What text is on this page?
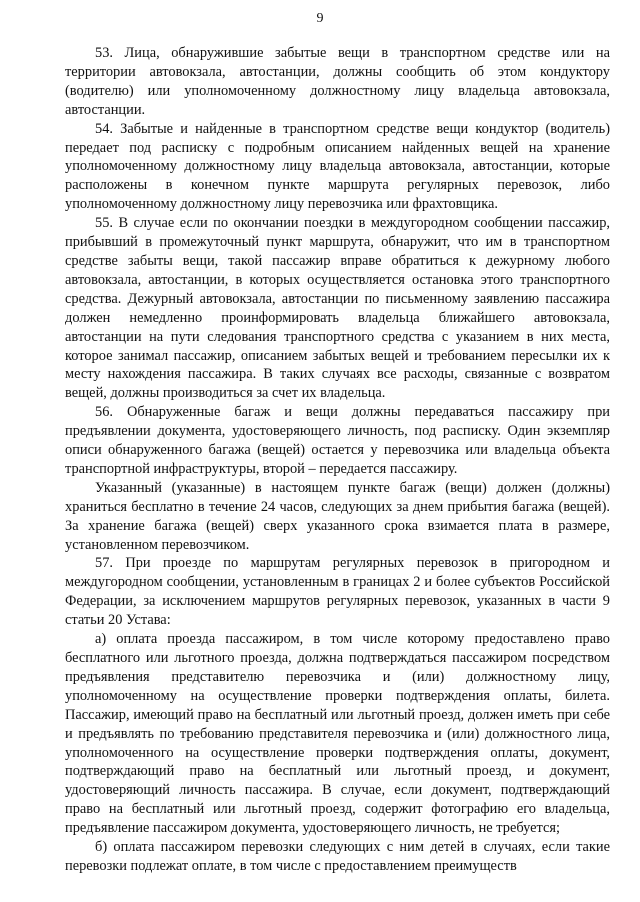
9

53. Лица, обнаружившие забытые вещи в транспортном средстве или на территории автовокзала, автостанции, должны сообщить об этом кондуктору (водителю) или уполномоченному должностному лицу владельца автовокзала, автостанции.

54. Забытые и найденные в транспортном средстве вещи кондуктор (водитель) передает под расписку с подробным описанием найденных вещей на хранение уполномоченному должностному лицу владельца автовокзала, автостанции, которые расположены в конечном пункте маршрута регулярных перевозок, либо уполномоченному должностному лицу перевозчика или фрахтовщика.

55. В случае если по окончании поездки в междугородном сообщении пассажир, прибывший в промежуточный пункт маршрута, обнаружит, что им в транспортном средстве забыты вещи, такой пассажир вправе обратиться к дежурному любого автовокзала, автостанции, в которых осуществляется остановка этого транспортного средства. Дежурный автовокзала, автостанции по письменному заявлению пассажира должен немедленно проинформировать владельца ближайшего автовокзала, автостанции на пути следования транспортного средства с указанием в них места, которое занимал пассажир, описанием забытых вещей и требованием пересылки их к месту нахождения пассажира. В таких случаях все расходы, связанные с возвратом вещей, должны производиться за счет их владельца.

56. Обнаруженные багаж и вещи должны передаваться пассажиру при предъявлении документа, удостоверяющего личность, под расписку. Один экземпляр описи обнаруженного багажа (вещей) остается у перевозчика или владельца объекта транспортной инфраструктуры, второй – передается пассажиру.

Указанный (указанные) в настоящем пункте багаж (вещи) должен (должны) храниться бесплатно в течение 24 часов, следующих за днем прибытия багажа (вещей). За хранение багажа (вещей) сверх указанного срока взимается плата в размере, установленном перевозчиком.

57. При проезде по маршрутам регулярных перевозок в пригородном и междугородном сообщении, установленным в границах 2 и более субъектов Российской Федерации, за исключением маршрутов регулярных перевозок, указанных в части 9 статьи 20 Устава:

а) оплата проезда пассажиром, в том числе которому предоставлено право бесплатного или льготного проезда, должна подтверждаться пассажиром посредством предъявления представителю перевозчика и (или) должностному лицу, уполномоченному на осуществление проверки подтверждения оплаты, билета. Пассажир, имеющий право на бесплатный или льготный проезд, должен иметь при себе и предъявлять по требованию представителя перевозчика и (или) должностного лица, уполномоченного на осуществление проверки подтверждения оплаты, документ, подтверждающий право на бесплатный или льготный проезд, и документ, удостоверяющий личность пассажира. В случае, если документ, подтверждающий право на бесплатный или льготный проезд, содержит фотографию его владельца, предъявление пассажиром документа, удостоверяющего личность, не требуется;

б) оплата пассажиром перевозки следующих с ним детей в случаях, если такие перевозки подлежат оплате, в том числе с предоставлением преимуществ
